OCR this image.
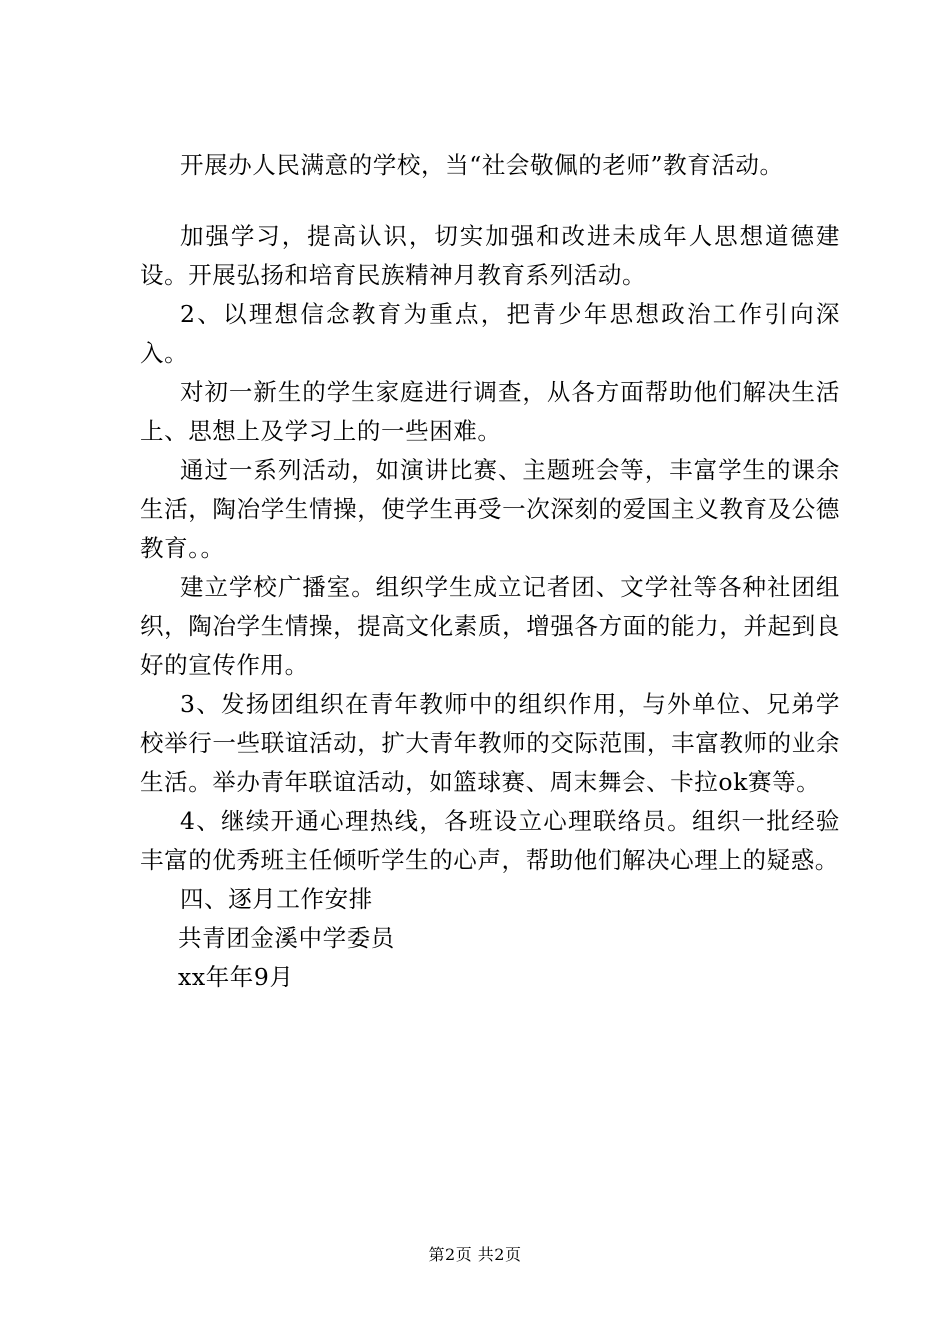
开展办人民满意的学校，当“社会敬佩的老师”教育活动。

加强学习，提高认识，切实加强和改进未成年人思想道德建设。开展弘扬和培育民族精神月教育系列活动。

2、以理想信念教育为重点，把青少年思想政治工作引向深入。

对初一新生的学生家庭进行调查，从各方面帮助他们解决生活上、思想上及学习上的一些困难。

通过一系列活动，如演讲比赛、主题班会等，丰富学生的课余生活，陶冶学生情操，使学生再受一次深刻的爱国主义教育及公德教育。。

建立学校广播室。组织学生成立记者团、文学社等各种社团组织，陶冶学生情操，提高文化素质，增强各方面的能力，并起到良好的宣传作用。

3、发扬团组织在青年教师中的组织作用，与外单位、兄弟学校举行一些联谊活动，扩大青年教师的交际范围，丰富教师的业余生活。举办青年联谊活动，如篮球赛、周末舞会、卡拉ok赛等。

4、继续开通心理热线，各班设立心理联络员。组织一批经验丰富的优秀班主任倾听学生的心声，帮助他们解决心理上的疑惑。

四、逐月工作安排

共青团金溪中学委员

xx年年9月

第2页 共2页
